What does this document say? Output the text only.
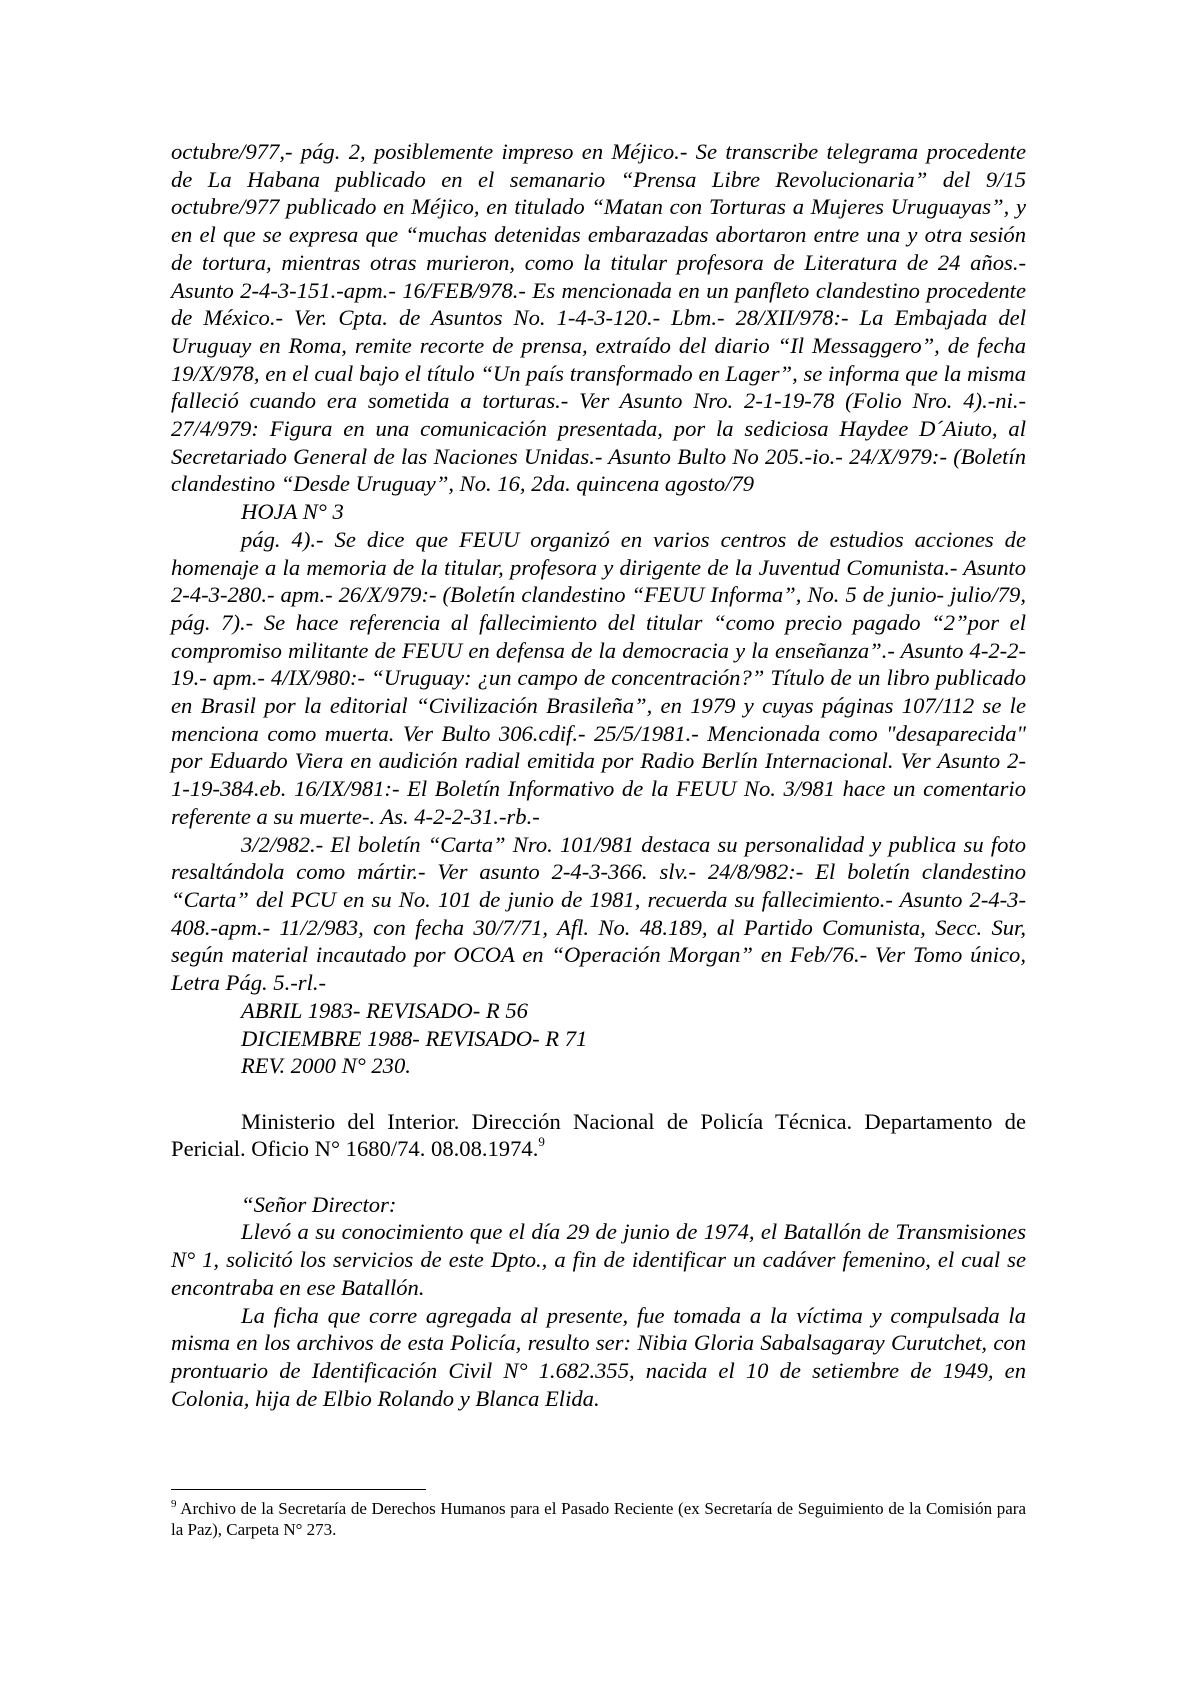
octubre/977,- pág. 2, posiblemente impreso en Méjico.- Se transcribe telegrama procedente de La Habana publicado en el semanario “Prensa Libre Revolucionaria” del 9/15 octubre/977 publicado en Méjico, en titulado “Matan con Torturas a Mujeres Uruguayas”, y en el que se expresa que “muchas detenidas embarazadas abortaron entre una y otra sesión de tortura, mientras otras murieron, como la titular profesora de Literatura de 24 años.- Asunto 2-4-3-151.-apm.- 16/FEB/978.- Es mencionada en un panfleto clandestino procedente de México.- Ver. Cpta. de Asuntos No. 1-4-3-120.- Lbm.- 28/XII/978:- La Embajada del Uruguay en Roma, remite recorte de prensa, extraído del diario “Il Messaggero”, de fecha 19/X/978, en el cual bajo el título “Un país transformado en Lager”, se informa que la misma falleció cuando era sometida a torturas.- Ver Asunto Nro. 2-1-19-78 (Folio Nro. 4).-ni.- 27/4/979: Figura en una comunicación presentada, por la sediciosa Haydee D´Aiuto, al Secretariado General de las Naciones Unidas.- Asunto Bulto No 205.-io.- 24/X/979:- (Boletín clandestino “Desde Uruguay”, No. 16, 2da. quincena agosto/79

HOJA N° 3

pág. 4).- Se dice que FEUU organizó en varios centros de estudios acciones de homenaje a la memoria de la titular, profesora y dirigente de la Juventud Comunista.- Asunto 2-4-3-280.- apm.- 26/X/979:- (Boletín clandestino “FEUU Informa”, No. 5 de junio- julio/79, pág. 7).- Se hace referencia al fallecimiento del titular “como precio pagado “2”por el compromiso militante de FEUU en defensa de la democracia y la enseñanza”.- Asunto 4-2-2-19.- apm.- 4/IX/980:- “Uruguay: ¿un campo de concentración?” Título de un libro publicado en Brasil por la editorial “Civilización Brasileña”, en 1979 y cuyas páginas 107/112 se le menciona como muerta. Ver Bulto 306.cdif.- 25/5/1981.- Mencionada como "desaparecida" por Eduardo Viera en audición radial emitida por Radio Berlín Internacional. Ver Asunto 2-1-19-384.eb. 16/IX/981:- El Boletín Informativo de la FEUU No. 3/981 hace un comentario referente a su muerte-. As. 4-2-2-31.-rb.-

3/2/982.- El boletín “Carta” Nro. 101/981 destaca su personalidad y publica su foto resaltándola como mártir.- Ver asunto 2-4-3-366. slv.- 24/8/982:- El boletín clandestino “Carta” del PCU en su No. 101 de junio de 1981, recuerda su fallecimiento.- Asunto 2-4-3-408.-apm.- 11/2/983, con fecha 30/7/71, Afl. No. 48.189, al Partido Comunista, Secc. Sur, según material incautado por OCOA en “Operación Morgan” en Feb/76.- Ver Tomo único, Letra Pág. 5.-rl.-

ABRIL 1983- REVISADO- R 56

DICIEMBRE 1988- REVISADO- R 71

REV. 2000 N° 230.

Ministerio del Interior. Dirección Nacional de Policía Técnica. Departamento de Pericial. Oficio N° 1680/74. 08.08.1974.$^9$

“Señor Director:

Llevó a su conocimiento que el día 29 de junio de 1974, el Batallón de Transmisiones N° 1, solicitó los servicios de este Dpto., a fin de identificar un cadáver femenino, el cual se encontraba en ese Batallón.

La ficha que corre agregada al presente, fue tomada a la víctima y compulsada la misma en los archivos de esta Policía, resulto ser: Nibia Gloria Sabalsagaray Curutchet, con prontuario de Identificación Civil N° 1.682.355, nacida el 10 de setiembre de 1949, en Colonia, hija de Elbio Rolando y Blanca Elida.

$^9$ Archivo de la Secretaría de Derechos Humanos para el Pasado Reciente (ex Secretaría de Seguimiento de la Comisión para la Paz), Carpeta N° 273.
